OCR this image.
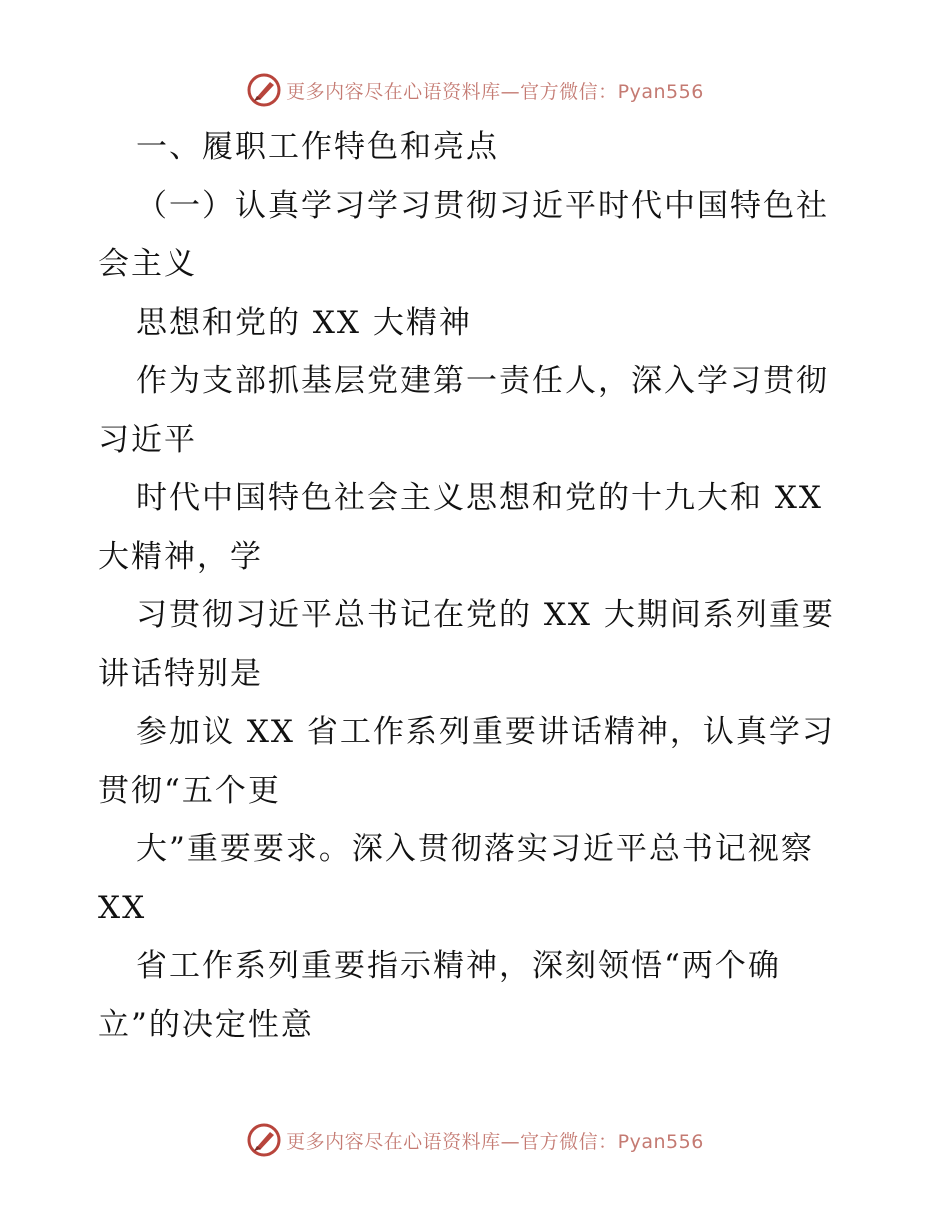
更多内容尽在心语资料库—官方微信：Pyan556
一、履职工作特色和亮点
（一）认真学习学习贯彻习近平时代中国特色社
会主义
思想和党的 XX 大精神
作为支部抓基层党建第一责任人，深入学习贯彻
习近平
时代中国特色社会主义思想和党的十九大和 XX
大精神，学
习贯彻习近平总书记在党的 XX 大期间系列重要
讲话特别是
参加议 XX 省工作系列重要讲话精神，认真学习
贯彻“五个更
大”重要要求。深入贯彻落实习近平总书记视察
XX
省工作系列重要指示精神，深刻领悟“两个确
立”的决定性意
更多内容尽在心语资料库—官方微信：Pyan556
